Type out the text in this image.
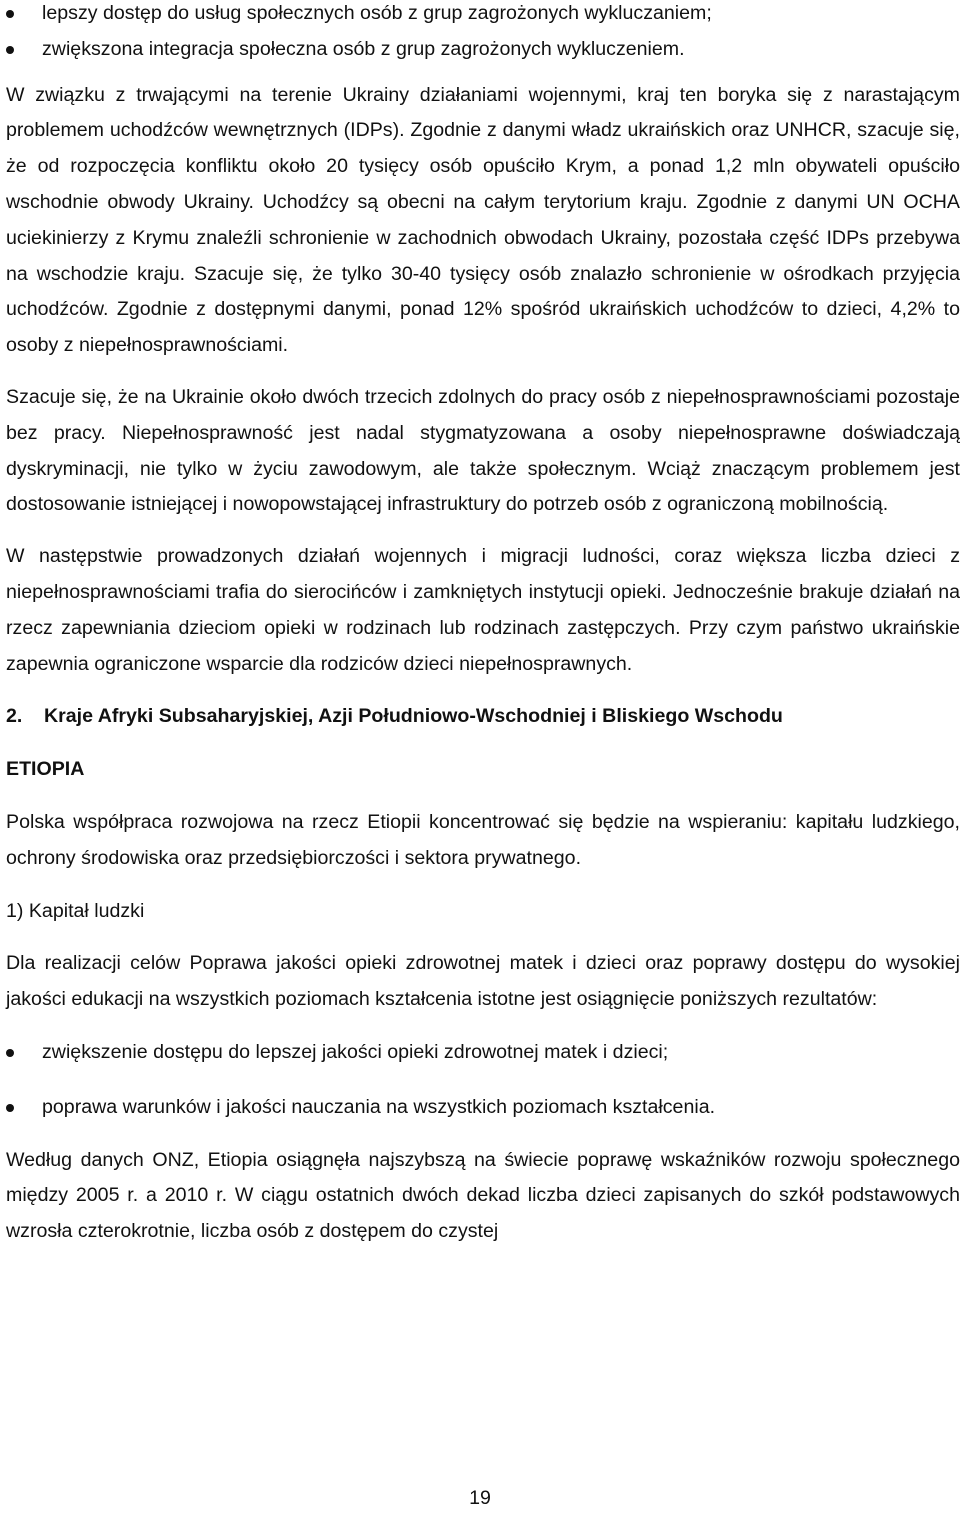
lepszy dostęp do usług społecznych osób z grup zagrożonych wykluczaniem;
zwiększona integracja społeczna osób z grup zagrożonych wykluczeniem.

W związku z trwającymi na terenie Ukrainy działaniami wojennymi, kraj ten boryka się z narastającym problemem uchodźców wewnętrznych (IDPs). Zgodnie z danymi władz ukraińskich oraz UNHCR, szacuje się, że od rozpoczęcia konfliktu około 20 tysięcy osób opuściło Krym, a ponad 1,2 mln obywateli opuściło wschodnie obwody Ukrainy. Uchodźcy są obecni na całym terytorium kraju. Zgodnie z danymi UN OCHA uciekinierzy z Krymu znaleźli schronienie w zachodnich obwodach Ukrainy, pozostała część IDPs przebywa na wschodzie kraju. Szacuje się, że tylko 30-40 tysięcy osób znalazło schronienie w ośrodkach przyjęcia uchodźców. Zgodnie z dostępnymi danymi, ponad 12% spośród ukraińskich uchodźców to dzieci, 4,2% to osoby z niepełnosprawnościami.

Szacuje się, że na Ukrainie około dwóch trzecich zdolnych do pracy osób z niepełnosprawnościami pozostaje bez pracy. Niepełnosprawność jest nadal stygmatyzowana a osoby niepełnosprawne doświadczają dyskryminacji, nie tylko w życiu zawodowym, ale także społecznym. Wciąż znaczącym problemem jest dostosowanie istniejącej i nowopowstającej infrastruktury do potrzeb osób z ograniczoną mobilnością.

W następstwie prowadzonych działań wojennych i migracji ludności, coraz większa liczba dzieci z niepełnosprawnościami trafia do sierocińców i zamkniętych instytucji opieki. Jednocześnie brakuje działań na rzecz zapewniania dzieciom opieki w rodzinach lub rodzinach zastępczych. Przy czym państwo ukraińskie zapewnia ograniczone wsparcie dla rodziców dzieci niepełnosprawnych.

2. Kraje Afryki Subsaharyjskiej, Azji Południowo-Wschodniej i Bliskiego Wschodu

ETIOPIA

Polska współpraca rozwojowa na rzecz Etiopii koncentrować się będzie na wspieraniu: kapitału ludzkiego, ochrony środowiska oraz przedsiębiorczości i sektora prywatnego.

1) Kapitał ludzki

Dla realizacji celów Poprawa jakości opieki zdrowotnej matek i dzieci oraz poprawy dostępu do wysokiej jakości edukacji na wszystkich poziomach kształcenia istotne jest osiągnięcie poniższych rezultatów:

zwiększenie dostępu do lepszej jakości opieki zdrowotnej matek i dzieci;
poprawa warunków i jakości nauczania na wszystkich poziomach kształcenia.

Według danych ONZ, Etiopia osiągnęła najszybszą na świecie poprawę wskaźników rozwoju społecznego między 2005 r. a 2010 r. W ciągu ostatnich dwóch dekad liczba dzieci zapisanych do szkół podstawowych wzrosła czterokrotnie, liczba osób z dostępem do czystej

19
